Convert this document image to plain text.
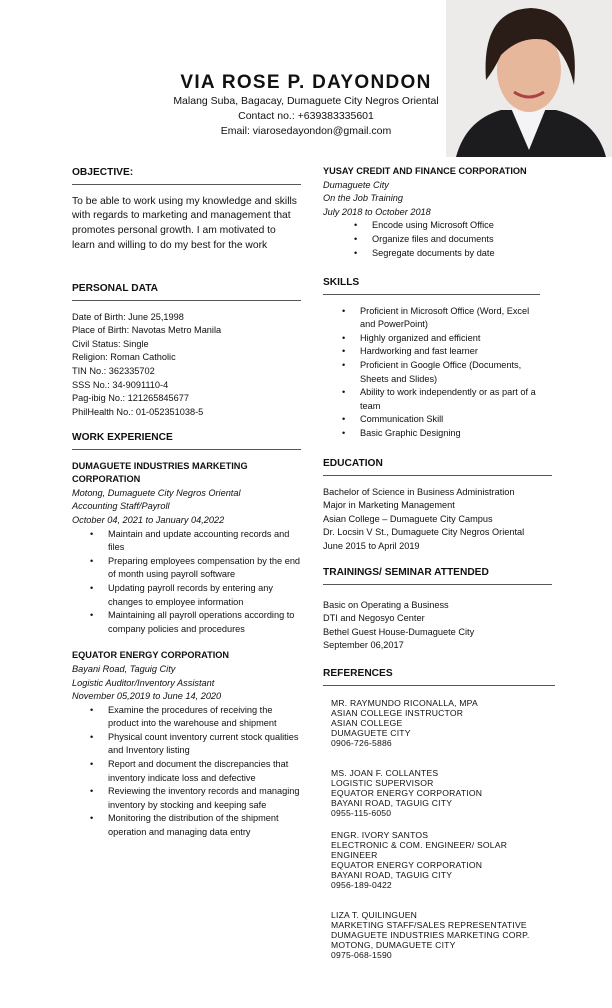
VIA ROSE P. DAYONDON
Malang Suba, Bagacay, Dumaguete City Negros Oriental
Contact no.: +639383335601
Email: viarosedayondon@gmail.com
OBJECTIVE:
To be able to work using my knowledge and skills with regards to marketing and management that promotes personal growth. I am motivated to learn and willing to do my best for the work
PERSONAL DATA
Date of Birth: June 25,1998
Place of Birth: Navotas Metro Manila
Civil Status: Single
Religion: Roman Catholic
TIN No.: 362335702
SSS No.: 34-9091110-4
Pag-ibig No.: 121265845677
PhilHealth No.: 01-052351038-5
WORK EXPERIENCE
DUMAGUETE INDUSTRIES MARKETING CORPORATION
Motong, Dumaguete City Negros Oriental
Accounting Staff/Payroll
October 04, 2021 to January 04,2022
• Maintain and update accounting records and files
• Preparing employees compensation by the end of month using payroll software
• Updating payroll records by entering any changes to employee information
• Maintaining all payroll operations according to company policies and procedures
EQUATOR ENERGY CORPORATION
Bayani Road, Taguig City
Logistic Auditor/Inventory Assistant
November 05,2019 to June 14, 2020
• Examine the procedures of receiving the product into the warehouse and shipment
• Physical count inventory current stock qualities and Inventory listing
• Report and document the discrepancies that inventory indicate loss and defective
• Reviewing the inventory records and managing inventory by stocking and keeping safe
• Monitoring the distribution of the shipment operation and managing data entry
YUSAY CREDIT AND FINANCE CORPORATION
Dumaguete City
On the Job Training
July 2018 to October 2018
• Encode using Microsoft Office
• Organize files and documents
• Segregate documents by date
SKILLS
• Proficient in Microsoft Office (Word, Excel and PowerPoint)
• Highly organized and efficient
• Hardworking and fast learner
• Proficient in Google Office (Documents, Sheets and Slides)
• Ability to work independently or as part of a team
• Communication Skill
• Basic Graphic Designing
EDUCATION
Bachelor of Science in Business Administration
Major in Marketing Management
Asian College – Dumaguete City Campus
Dr. Locsin V St., Dumaguete City Negros Oriental
June 2015 to April 2019
TRAININGS/ SEMINAR ATTENDED
Basic on Operating a Business
DTI and Negosyo Center
Bethel Guest House-Dumaguete City
September 06,2017
REFERENCES
MR. RAYMUNDO RICONALLA, MPA
ASIAN COLLEGE INSTRUCTOR
ASIAN COLLEGE
DUMAGUETE CITY
0906-726-5886
MS. JOAN F. COLLANTES
LOGISTIC SUPERVISOR
EQUATOR ENERGY CORPORATION
BAYANI ROAD, TAGUIG CITY
0955-115-6050
ENGR. IVORY SANTOS
ELECTRONIC & COM. ENGINEER/ SOLAR ENGINEER
EQUATOR ENERGY CORPORATION
BAYANI ROAD, TAGUIG CITY
0956-189-0422
LIZA T. QUILINGUEN
MARKETING STAFF/SALES REPRESENTATIVE
DUMAGUETE INDUSTRIES MARKETING CORP.
MOTONG, DUMAGUETE CITY
0975-068-1590
